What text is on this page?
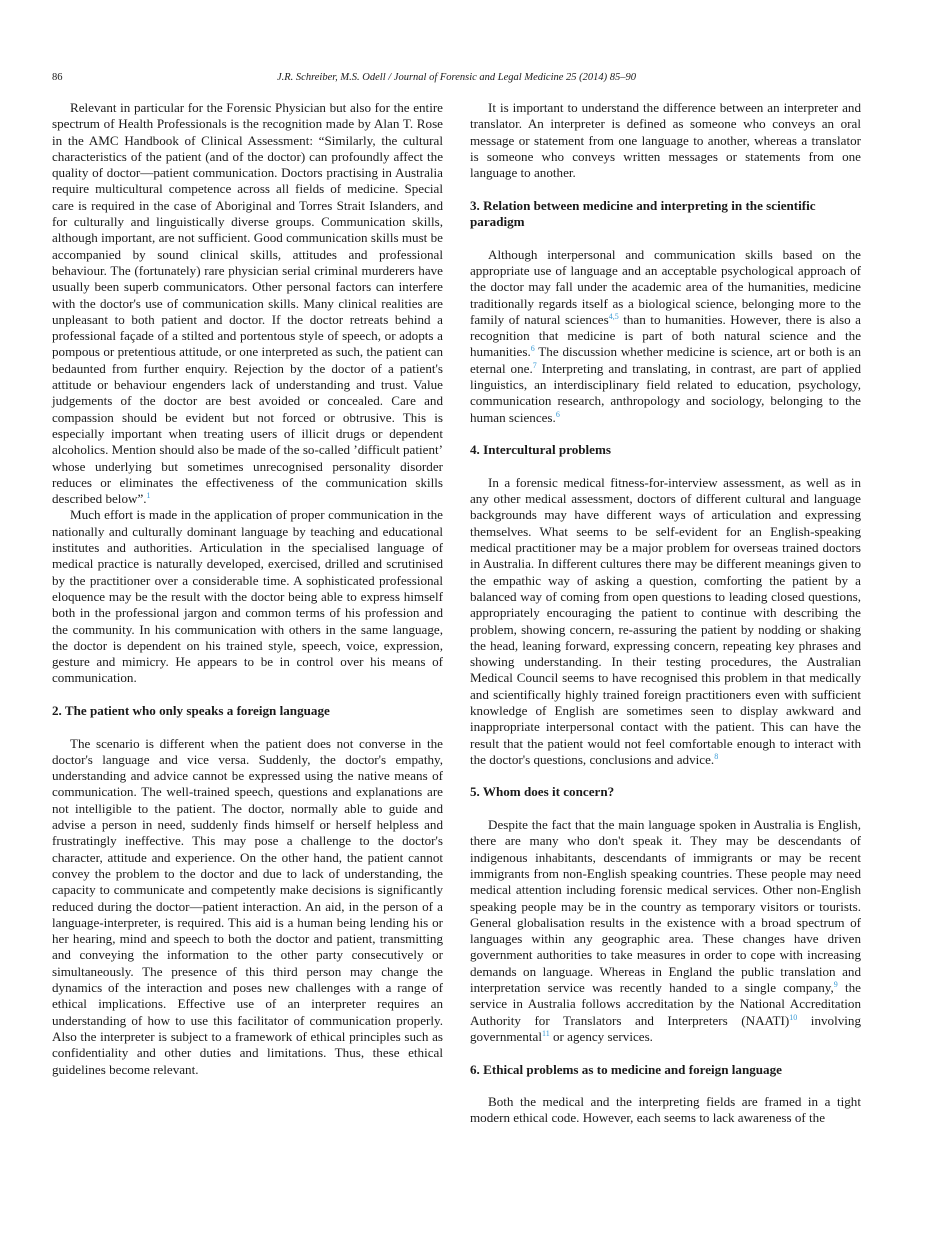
86	J.R. Schreiber, M.S. Odell / Journal of Forensic and Legal Medicine 25 (2014) 85–90

Relevant in particular for the Forensic Physician but also for the entire spectrum of Health Professionals is the recognition made by Alan T. Rose in the AMC Handbook of Clinical Assessment: “Similarly, the cultural characteristics of the patient (and of the doctor) can profoundly affect the quality of doctor—patient communication. Doctors practising in Australia require multicultural competence across all fields of medicine. Special care is required in the case of Aboriginal and Torres Strait Islanders, and for culturally and linguistically diverse groups. Communication skills, although important, are not sufficient. Good communication skills must be accompanied by sound clinical skills, attitudes and professional behaviour. The (fortunately) rare physician serial criminal murderers have usually been superb communicators. Other personal factors can interfere with the doctor's use of communication skills. Many clinical realities are unpleasant to both patient and doctor. If the doctor retreats behind a professional façade of a stilted and portentous style of speech, or adopts a pompous or pretentious attitude, or one interpreted as such, the patient can bedaunted from further enquiry. Rejection by the doctor of a patient's attitude or behaviour engenders lack of understanding and trust. Value judgements of the doctor are best avoided or concealed. Care and compassion should be evident but not forced or obtrusive. This is especially important when treating users of illicit drugs or dependent alcoholics. Mention should also be made of the so-called ’difficult patient’ whose underlying but sometimes unrecognised personality disorder reduces or eliminates the effectiveness of the communication skills described below”.$^1$

Much effort is made in the application of proper communication in the nationally and culturally dominant language by teaching and educational institutes and authorities. Articulation in the specialised language of medical practice is naturally developed, exercised, drilled and scrutinised by the practitioner over a considerable time. A sophisticated professional eloquence may be the result with the doctor being able to express himself both in the professional jargon and common terms of his profession and the community. In his communication with others in the same language, the doctor is dependent on his trained style, speech, voice, expression, gesture and mimicry. He appears to be in control over his means of communication.

2. The patient who only speaks a foreign language

The scenario is different when the patient does not converse in the doctor's language and vice versa. Suddenly, the doctor's empathy, understanding and advice cannot be expressed using the native means of communication. The well-trained speech, questions and explanations are not intelligible to the patient. The doctor, normally able to guide and advise a person in need, suddenly finds himself or herself helpless and frustratingly ineffective. This may pose a challenge to the doctor's character, attitude and experience. On the other hand, the patient cannot convey the problem to the doctor and due to lack of understanding, the capacity to communicate and competently make decisions is significantly reduced during the doctor—patient interaction. An aid, in the person of a language-interpreter, is required. This aid is a human being lending his or her hearing, mind and speech to both the doctor and patient, transmitting and conveying the information to the other party consecutively or simultaneously. The presence of this third person may change the dynamics of the interaction and poses new challenges with a range of ethical implications. Effective use of an interpreter requires an understanding of how to use this facilitator of communication properly. Also the interpreter is subject to a framework of ethical principles such as confidentiality and other duties and limitations. Thus, these ethical guidelines become relevant.

It is important to understand the difference between an interpreter and translator. An interpreter is defined as someone who conveys an oral message or statement from one language to another, whereas a translator is someone who conveys written messages or statements from one language to another.

3. Relation between medicine and interpreting in the scientific paradigm

Although interpersonal and communication skills based on the appropriate use of language and an acceptable psychological approach of the doctor may fall under the academic area of the humanities, medicine traditionally regards itself as a biological science, belonging more to the family of natural sciences$^{4,5}$ than to humanities. However, there is also a recognition that medicine is part of both natural science and the humanities.$^6$ The discussion whether medicine is science, art or both is an eternal one.$^7$ Interpreting and translating, in contrast, are part of applied linguistics, an interdisciplinary field related to education, psychology, communication research, anthropology and sociology, belonging to the human sciences.$^6$

4. Intercultural problems

In a forensic medical fitness-for-interview assessment, as well as in any other medical assessment, doctors of different cultural and language backgrounds may have different ways of articulation and expressing themselves. What seems to be self-evident for an English-speaking medical practitioner may be a major problem for overseas trained doctors in Australia. In different cultures there may be different meanings given to the empathic way of asking a question, comforting the patient by a balanced way of coming from open questions to leading closed questions, appropriately encouraging the patient to continue with describing the problem, showing concern, re-assuring the patient by nodding or shaking the head, leaning forward, expressing concern, repeating key phrases and showing understanding. In their testing procedures, the Australian Medical Council seems to have recognised this problem in that medically and scientifically highly trained foreign practitioners even with sufficient knowledge of English are sometimes seen to display awkward and inappropriate interpersonal contact with the patient. This can have the result that the patient would not feel comfortable enough to interact with the doctor's questions, conclusions and advice.$^8$

5. Whom does it concern?

Despite the fact that the main language spoken in Australia is English, there are many who don't speak it. They may be descendants of indigenous inhabitants, descendants of immigrants or may be recent immigrants from non-English speaking countries. These people may need medical attention including forensic medical services. Other non-English speaking people may be in the country as temporary visitors or tourists. General globalisation results in the existence with a broad spectrum of languages within any geographic area. These changes have driven government authorities to take measures in order to cope with increasing demands on language. Whereas in England the public translation and interpretation service was recently handed to a single company,$^9$ the service in Australia follows accreditation by the National Accreditation Authority for Translators and Interpreters (NAATI)$^{10}$ involving governmental$^{11}$ or agency services.

6. Ethical problems as to medicine and foreign language

Both the medical and the interpreting fields are framed in a tight modern ethical code. However, each seems to lack awareness of the
